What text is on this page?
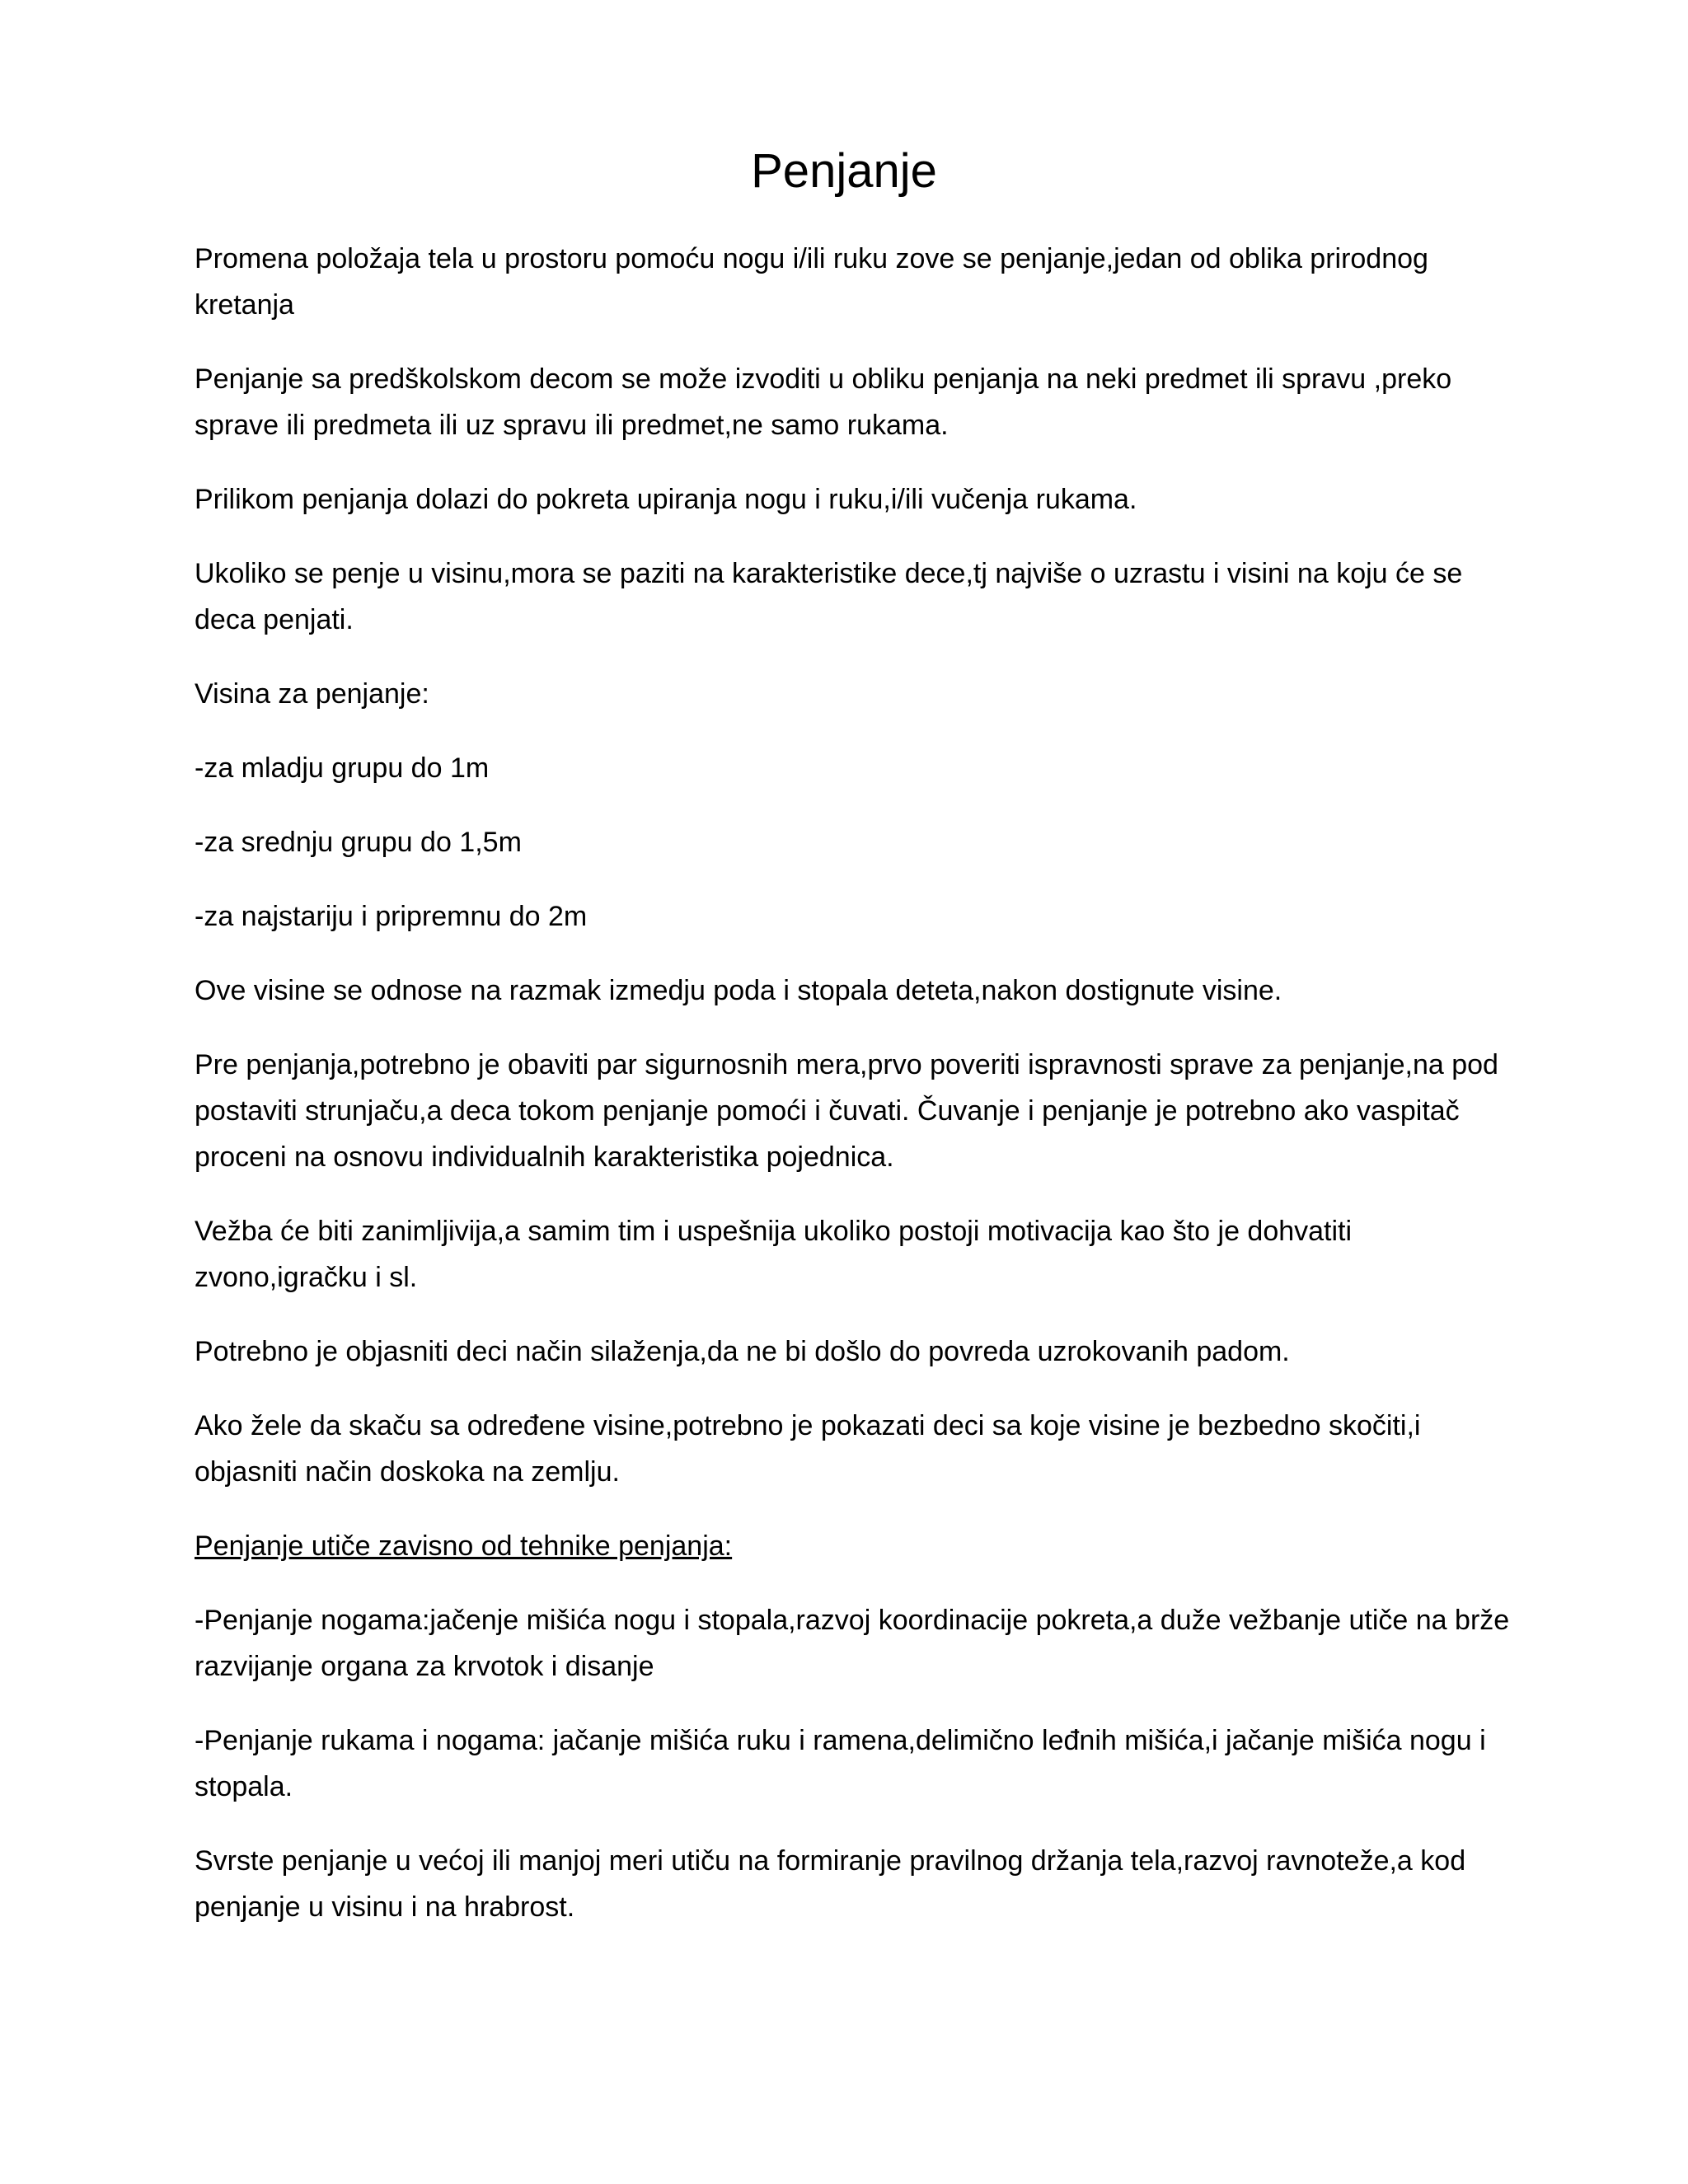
Penjanje

Promena položaja tela u prostoru pomoću nogu i/ili ruku zove se penjanje,jedan od oblika prirodnog kretanja

Penjanje sa predškolskom decom se može izvoditi u obliku penjanja na neki predmet ili spravu ,preko sprave ili predmeta ili uz spravu ili predmet,ne samo rukama.

Prilikom penjanja dolazi do pokreta upiranja nogu i ruku,i/ili vučenja rukama.

Ukoliko se penje u visinu,mora se paziti na karakteristike dece,tj najviše o uzrastu i visini na koju će se deca penjati.

Visina za penjanje:

-za mladju grupu do 1m

-za srednju grupu do 1,5m

-za najstariju i pripremnu do 2m

Ove visine se odnose na razmak izmedju poda i stopala deteta,nakon dostignute visine.

Pre penjanja,potrebno je obaviti par sigurnosnih mera,prvo poveriti ispravnosti sprave za penjanje,na pod postaviti strunjaču,a deca tokom penjanje pomoći i čuvati. Čuvanje i penjanje je potrebno ako vaspitač proceni na osnovu individualnih karakteristika pojednica.

Vežba će biti zanimljivija,a samim tim i uspešnija ukoliko postoji motivacija kao što je dohvatiti zvono,igračku i sl.

Potrebno je objasniti deci način silaženja,da ne bi došlo do povreda uzrokovanih padom.

Ako žele da skaču sa određene visine,potrebno je pokazati deci sa koje visine je bezbedno skočiti,i objasniti način doskoka na zemlju.

Penjanje utiče zavisno od tehnike penjanja:

-Penjanje nogama:jačenje mišića nogu i stopala,razvoj koordinacije pokreta,a duže vežbanje utiče na brže razvijanje organa za krvotok i disanje

-Penjanje rukama i nogama: jačanje mišića ruku i ramena,delimično leđnih mišića,i jačanje mišića nogu i stopala.

Svrste penjanje u većoj ili manjoj meri utiču na formiranje pravilnog držanja tela,razvoj ravnoteže,a kod penjanje u visinu i na hrabrost.
